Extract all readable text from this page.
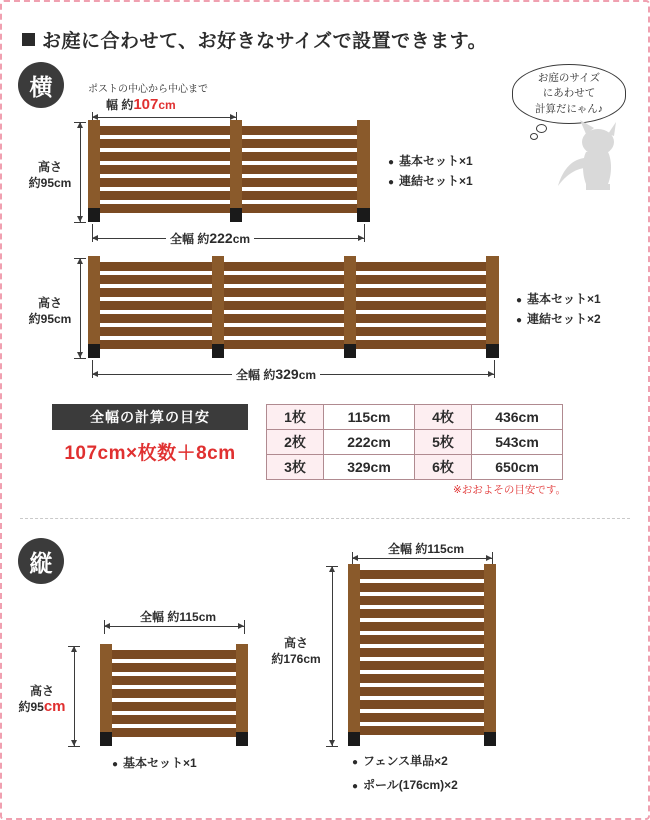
お庭に合わせて、お好きなサイズで設置できます。
横
縦
お庭のサイズ
にあわせて
計算だにゃん♪
ポストの中心から中心まで
幅 約107cm
高さ
約95cm
全幅 約222cm
● 基本セット×1
● 連結セット×1
高さ
約95cm
全幅 約329cm
● 基本セット×1
● 連結セット×2
全幅の計算の目安
107cm×枚数＋8cm
1枚	115cm	4枚	436cm
2枚	222cm	5枚	543cm
3枚	329cm	6枚	650cm
※おおよその目安です。
全幅 約115cm
高さ
約95cm
● 基本セット×1
全幅 約115cm
高さ
約176cm
● フェンス単品×2
● ポール(176cm)×2
